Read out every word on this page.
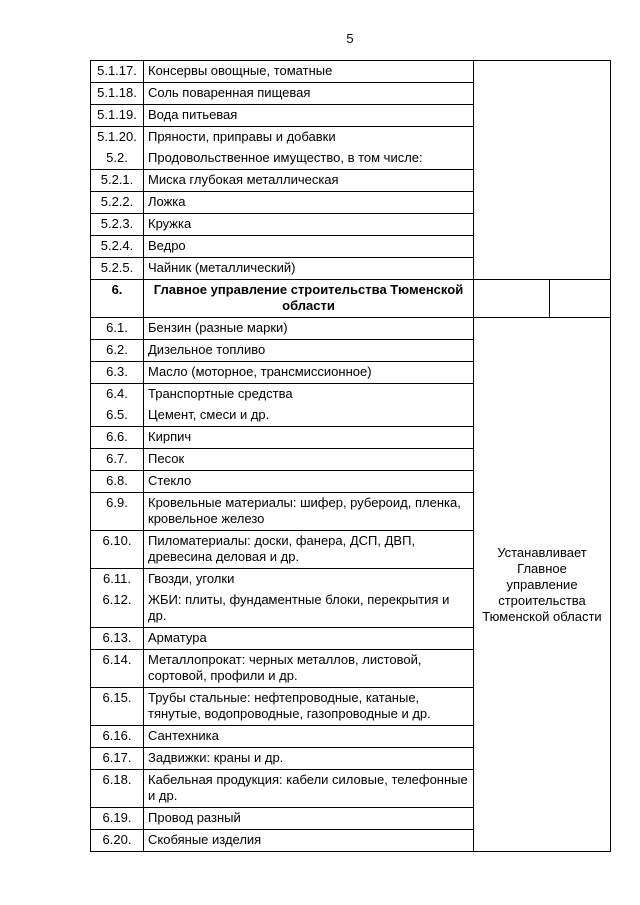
5
5.1.17.	Консервы овощные, томатные		
5.1.18.	Соль поваренная пищевая		
5.1.19.	Вода питьевая		
5.1.20.	Пряности, приправы и добавки		
5.2.	Продовольственное имущество, в том числе:		
5.2.1.	Миска глубокая металлическая		
5.2.2.	Ложка		
5.2.3.	Кружка		
5.2.4.	Ведро		
5.2.5.	Чайник (металлический)		
6.	Главное управление строительства Тюменской области		
6.1.	Бензин (разные марки)	Устанавливает Главное управление строительства Тюменской области	
6.2.	Дизельное топливо		
6.3.	Масло (моторное, трансмиссионное)		
6.4.	Транспортные средства		
6.5.	Цемент, смеси и др.		
6.6.	Кирпич		
6.7.	Песок		
6.8.	Стекло		
6.9.	Кровельные материалы: шифер, рубероид, пленка, кровельное железо		
6.10.	Пиломатериалы: доски, фанера, ДСП, ДВП, древесина деловая и др.		
6.11.	Гвозди, уголки		
6.12.	ЖБИ: плиты, фундаментные блоки, перекрытия и др.		
6.13.	Арматура		
6.14.	Металлопрокат: черных металлов, листовой, сортовой, профили и др.		
6.15.	Трубы стальные: нефтепроводные, катаные, тянутые, водопроводные, газопроводные и др.		
6.16.	Сантехника		
6.17.	Задвижки: краны и др.		
6.18.	Кабельная продукция: кабели силовые, телефонные и др.		
6.19.	Провод разный		
6.20.	Скобяные изделия		
